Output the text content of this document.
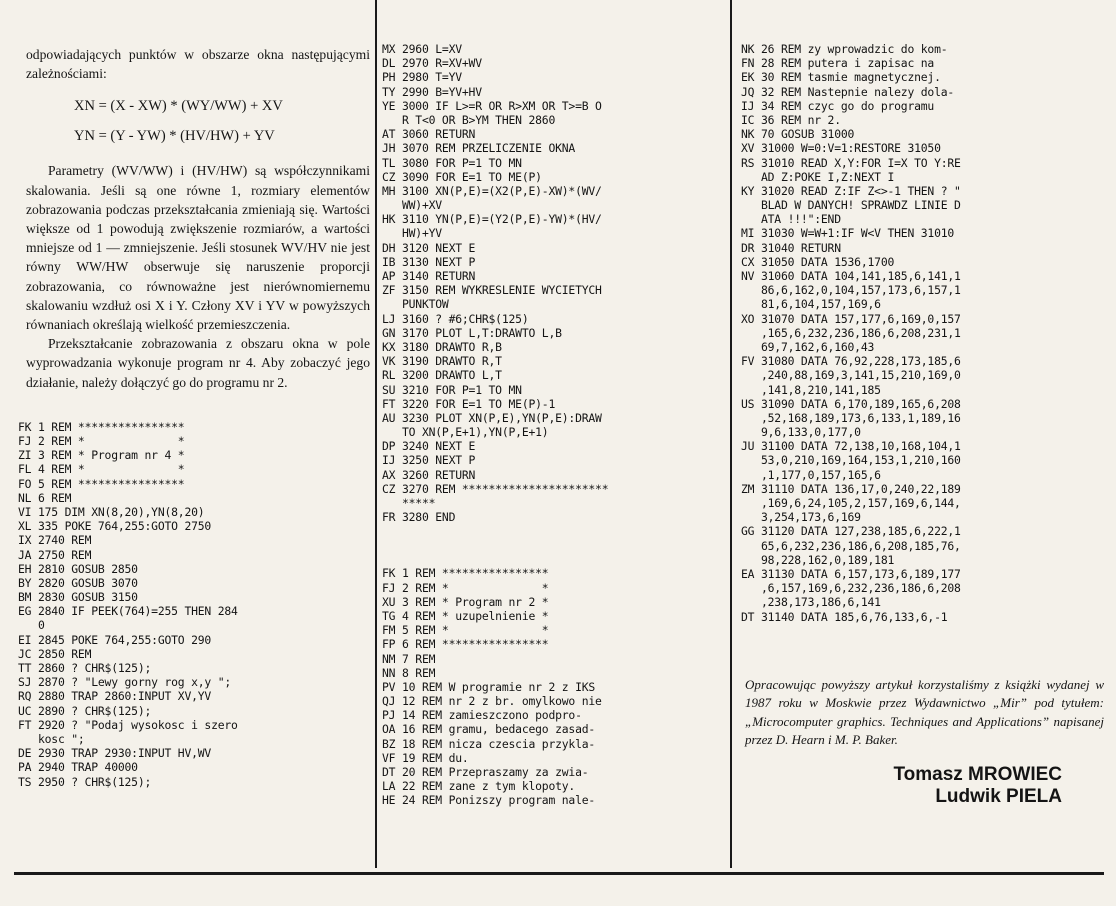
odpowiadających punktów w obszarze okna następującymi zależnościami:

XN = (X - XW) * (WY/WW) + XV
YN = (Y - YW) * (HV/HW) + YV

Parametry (WV/WW) i (HV/HW) są współczynnikami skalowania. Jeśli są one równe 1, rozmiary elementów zobrazowania podczas przekształcania zmieniają się. Wartości większe od 1 powodują zwiększenie rozmiarów, a wartości mniejsze od 1 — zmniejszenie. Jeśli stosunek WV/HV nie jest równy WW/HW obserwuje się naruszenie proporcji zobrazowania, co równoważne jest nierównomiernemu skalowaniu wzdłuż osi X i Y. Człony XV i YV w powyższych równaniach określają wielkość przemieszczenia.

Przekształcanie zobrazowania z obszaru okna w pole wyprowadzania wykonuje program nr 4. Aby zobaczyć jego działanie, należy dołączyć go do programu nr 2.

FK 1 REM ****************
FJ 2 REM *              *
ZI 3 REM * Program nr 4 *
FL 4 REM *              *
FO 5 REM ****************
NL 6 REM
VI 175 DIM XN(8,20),YN(8,20)
XL 335 POKE 764,255:GOTO 2750
IX 2740 REM
JA 2750 REM
EH 2810 GOSUB 2850
BY 2820 GOSUB 3070
BM 2830 GOSUB 3150
EG 2840 IF PEEK(764)=255 THEN 284
0
EI 2845 POKE 764,255:GOTO 290
JC 2850 REM
TT 2860 ? CHR$(125);
SJ 2870 ? "Lewy gorny rog x,y ";
RQ 2880 TRAP 2860:INPUT XV,YV
UC 2890 ? CHR$(125);
FT 2920 ? "Podaj wysokosc i szero
kosc ";
DE 2930 TRAP 2930:INPUT HV,WV
PA 2940 TRAP 40000
TS 2950 ? CHR$(125);
MX 2960 L=XV
DL 2970 R=XV+WV
PH 2980 T=YV
TY 2990 B=YV+HV
YE 3000 IF L>=R OR R>XM OR T>=B O
R T<0 OR B>YM THEN 2860
AT 3060 RETURN
JH 3070 REM PRZELICZENIE OKNA
TL 3080 FOR P=1 TO MN
CZ 3090 FOR E=1 TO ME(P)
MH 3100 XN(P,E)=(X2(P,E)-XW)*(WV/
WW)+XV
HK 3110 YN(P,E)=(Y2(P,E)-YW)*(HV/
HW)+YV
DH 3120 NEXT E
IB 3130 NEXT P
AP 3140 RETURN
ZF 3150 REM WYKRESLENIE WYCIETYCH
PUNKTOW
LJ 3160 ? #6;CHR$(125)
GN 3170 PLOT L,T:DRAWTO L,B
KX 3180 DRAWTO R,B
VK 3190 DRAWTO R,T
RL 3200 DRAWTO L,T
SU 3210 FOR P=1 TO MN
FT 3220 FOR E=1 TO ME(P)-1
AU 3230 PLOT XN(P,E),YN(P,E):DRAW
TO XN(P,E+1),YN(P,E+1)
DP 3240 NEXT E
IJ 3250 NEXT P
AX 3260 RETURN
CZ 3270 REM **********************
*****
FR 3280 END
FK 1 REM ****************
FJ 2 REM *              *
XU 3 REM * Program nr 2 *
TG 4 REM * uzupelnienie *
FM 5 REM *              *
FP 6 REM ****************
NM 7 REM
NN 8 REM
PV 10 REM W programie nr 2 z IKS
QJ 12 REM nr 2 z br. omylkowo nie
PJ 14 REM zamieszczono podpro-
OA 16 REM gramu, bedacego zasad-
BZ 18 REM nicza czescia przykla-
VF 19 REM du.
DT 20 REM Przepraszamy za zwia-
LA 22 REM zane z tym klopoty.
HE 24 REM Ponizszy program nale-
NK 26 REM zy wprowadzic do kom-
FN 28 REM putera i zapisac na
EK 30 REM tasmie magnetycznej.
JQ 32 REM Nastepnie nalezy dola-
IJ 34 REM czyc go do programu
IC 36 REM nr 2.
NK 70 GOSUB 31000
XV 31000 W=0:V=1:RESTORE 31050
RS 31010 READ X,Y:FOR I=X TO Y:RE
AD Z:POKE I,Z:NEXT I
KY 31020 READ Z:IF Z<>-1 THEN ? "
BLAD W DANYCH! SPRAWDZ LINIE D
ATA !!!":END
MI 31030 W=W+1:IF W<V THEN 31010
DR 31040 RETURN
CX 31050 DATA 1536,1700
NV 31060 DATA 104,141,185,6,141,1
86,6,162,0,104,157,173,6,157,1
81,6,104,157,169,6
XO 31070 DATA 157,177,6,169,0,157
,165,6,232,236,186,6,208,231,1
69,7,162,6,160,43
FV 31080 DATA 76,92,228,173,185,6
,240,88,169,3,141,15,210,169,0
,141,8,210,141,185
US 31090 DATA 6,170,189,165,6,208
,52,168,189,173,6,133,1,189,16
9,6,133,0,177,0
JU 31100 DATA 72,138,10,168,104,1
53,0,210,169,164,153,1,210,160
,1,177,0,157,165,6
ZM 31110 DATA 136,17,0,240,22,189
,169,6,24,105,2,157,169,6,144,
3,254,173,6,169
GG 31120 DATA 127,238,185,6,222,1
65,6,232,236,186,6,208,185,76,
98,228,162,0,189,181
EA 31130 DATA 6,157,173,6,189,177
,6,157,169,6,232,236,186,6,208
,238,173,186,6,141
DT 31140 DATA 185,6,76,133,6,-1

Opracowując powyższy artykuł korzystaliśmy z książki wydanej w 1987 roku w Moskwie przez Wydawnictwo „Mir” pod tytułem: „Microcomputer graphics. Techniques and Applications” napisanej przez D. Hearn i M. P. Baker.

Tomasz MROWIEC
Ludwik PIELA
